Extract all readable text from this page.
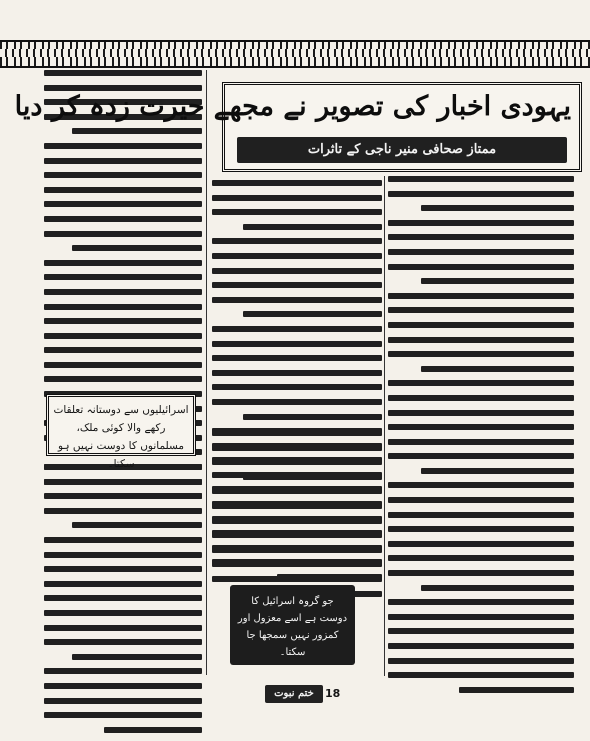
یہودی اخبار کی تصویر نے مجھے حیرت زدہ کر دیا
ممتاز صحافی منیر ناجی کے تاثرات
اسرائیلیوں سے دوستانہ تعلقات رکھے والا کوئی ملک، مسلمانوں کا دوست نہیں ہو سکتا۔
جو گروہ اسرائیل کا دوست ہے اسے معزول اور کمزور نہیں سمجھا جا سکتا۔
ختم نبوت	18
